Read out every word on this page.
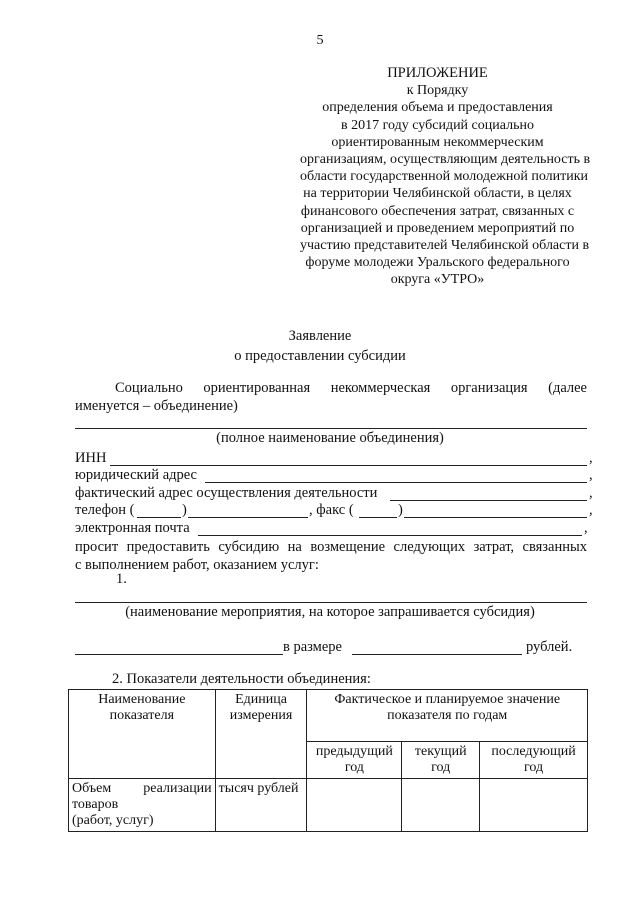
5
ПРИЛОЖЕНИЕ
к Порядку
определения объема и предоставления
в 2017 году субсидий социально
ориентированным некоммерческим
организациям, осуществляющим деятельность в
области государственной молодежной политики
на территории Челябинской области, в целях
финансового обеспечения затрат, связанных с
организацией и проведением мероприятий по
участию представителей Челябинской области в
форуме молодежи Уральского федерального
округа «УТРО»
Заявление
о предоставлении субсидии
Социально ориентированная некоммерческая организация (далее
именуется – объединение)
(полное наименование объединения)
ИНН	,
юридический адрес	,
фактический адрес осуществления деятельности	,
телефон (	)	, факс (	)	,
электронная почта	,
просит предоставить субсидию на возмещение следующих затрат, связанных
с выполнением работ, оказанием услуг:
1.
(наименование мероприятия, на которое запрашивается субсидия)
в размере	рублей.
2. Показатели деятельности объединения:
Наименование показателя	Единица измерения	Фактическое и планируемое значение показателя по годам		
		предыдущий год	текущий год	последующий год

Объем реализации
товаров
(работ, услуг)	тысяч рублей			
